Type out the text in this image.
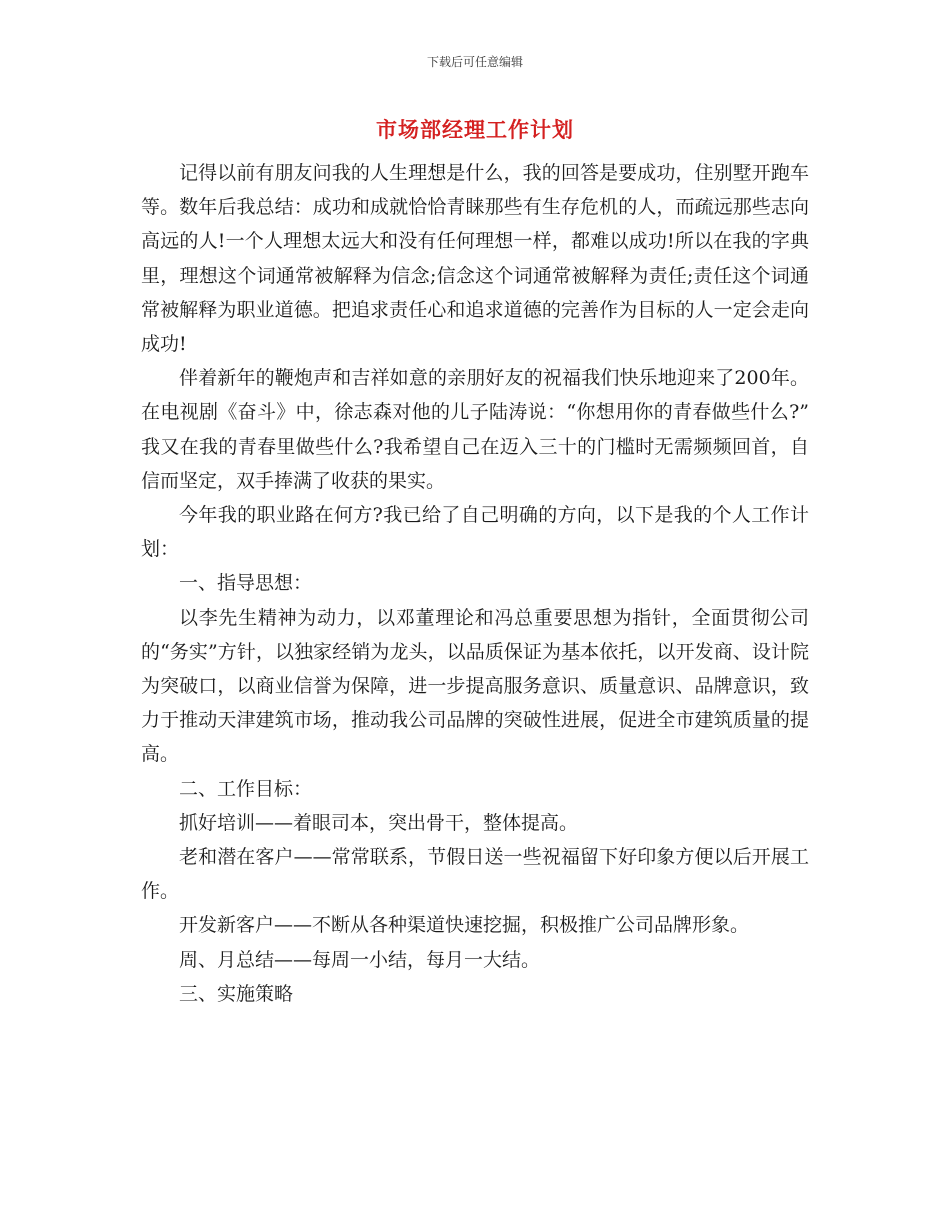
下载后可任意编辑
市场部经理工作计划

记得以前有朋友问我的人生理想是什么，我的回答是要成功，住别墅开跑车等。数年后我总结：成功和成就恰恰青睐那些有生存危机的人，而疏远那些志向高远的人!一个人理想太远大和没有任何理想一样，都难以成功!所以在我的字典里，理想这个词通常被解释为信念;信念这个词通常被解释为责任;责任这个词通常被解释为职业道德。把追求责任心和追求道德的完善作为目标的人一定会走向成功!

伴着新年的鞭炮声和吉祥如意的亲朋好友的祝福我们快乐地迎来了200年。在电视剧《奋斗》中，徐志森对他的儿子陆涛说：“你想用你的青春做些什么?” 我又在我的青春里做些什么?我希望自己在迈入三十的门槛时无需频频回首，自信而坚定，双手捧满了收获的果实。

今年我的职业路在何方?我已给了自己明确的方向，以下是我的个人工作计划：

一、指导思想：

以李先生精神为动力，以邓董理论和冯总重要思想为指针，全面贯彻公司的“务实”方针，以独家经销为龙头，以品质保证为基本依托，以开发商、设计院为突破口，以商业信誉为保障，进一步提高服务意识、质量意识、品牌意识，致力于推动天津建筑市场，推动我公司品牌的突破性进展，促进全市建筑质量的提高。

二、工作目标：

抓好培训——着眼司本，突出骨干，整体提高。

老和潜在客户——常常联系，节假日送一些祝福留下好印象方便以后开展工作。

开发新客户——不断从各种渠道快速挖掘，积极推广公司品牌形象。

周、月总结——每周一小结，每月一大结。

三、实施策略
